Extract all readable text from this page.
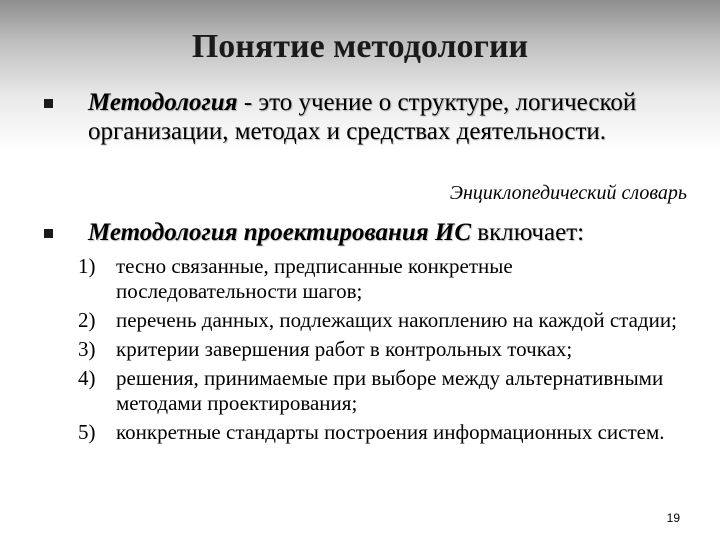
Понятие методологии
Методология - это учение о структуре, логической организации, методах и средствах деятельности.
Энциклопедический словарь
Методология проектирования ИС включает:
1) тесно связанные, предписанные конкретные последовательности шагов;
2) перечень данных, подлежащих накоплению на каждой стадии;
3) критерии завершения работ в контрольных точках;
4) решения, принимаемые при выборе между альтернативными методами проектирования;
5) конкретные стандарты построения информационных систем.
19
